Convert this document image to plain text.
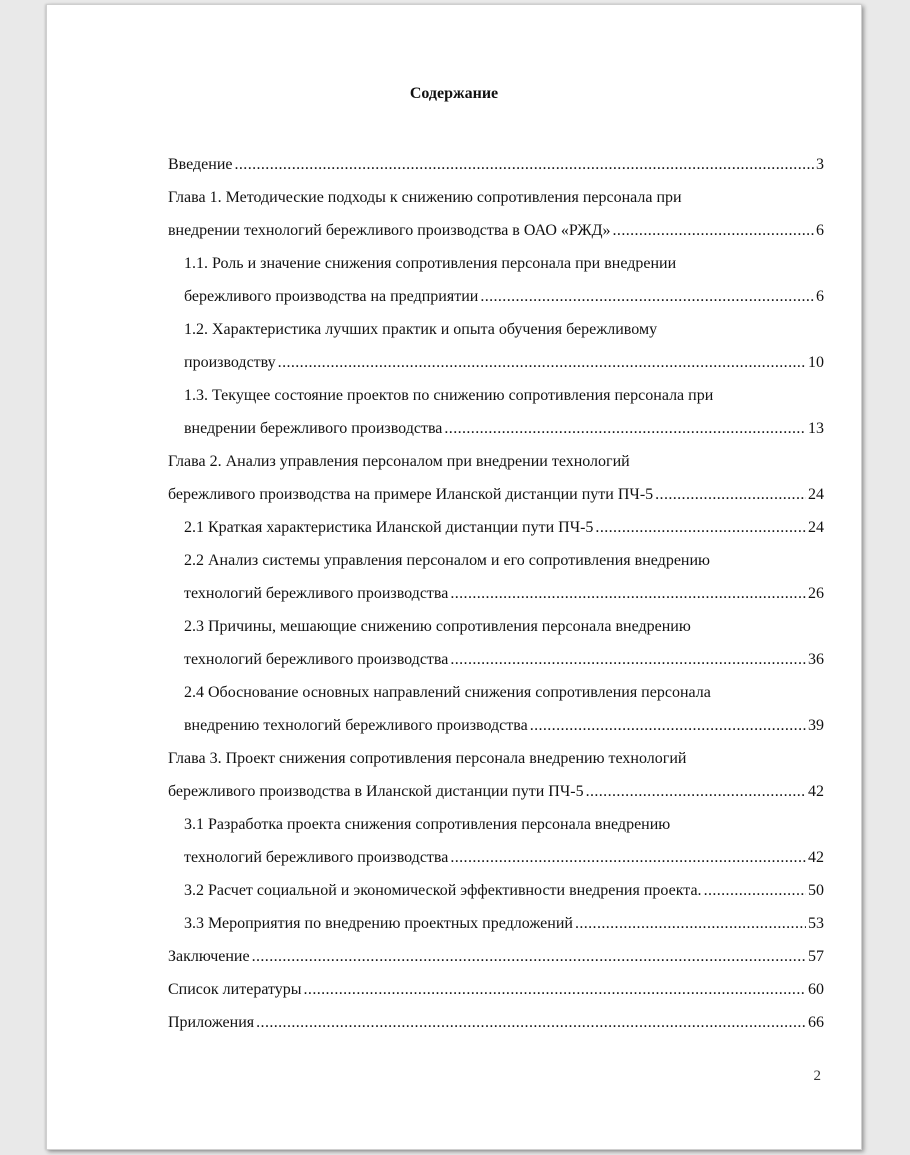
Содержание
Введение .....	3
Глава 1. Методические подходы к снижению сопротивления персонала при
внедрении технологий бережливого производства в ОАО «РЖД» .....	6
1.1. Роль и значение снижения сопротивления персонала при внедрении
бережливого производства на предприятии .....	6
1.2. Характеристика лучших практик и опыта обучения бережливому
производству .....	10
1.3. Текущее состояние проектов по снижению сопротивления персонала при
внедрении бережливого производства .....	13
Глава 2. Анализ управления персоналом при внедрении технологий
бережливого производства на примере Иланской дистанции пути ПЧ-5 .....	24
2.1 Краткая характеристика Иланской дистанции пути ПЧ-5 .....	24
2.2 Анализ системы управления персоналом и его сопротивления внедрению
технологий бережливого производства .....	26
2.3 Причины, мешающие снижению сопротивления персонала внедрению
технологий бережливого производства .....	36
2.4 Обоснование основных направлений снижения сопротивления персонала
внедрению технологий бережливого производства .....	39
Глава 3. Проект снижения сопротивления персонала внедрению технологий
бережливого производства в Иланской дистанции пути ПЧ-5 .....	42
3.1 Разработка проекта снижения сопротивления персонала внедрению
технологий бережливого производства .....	42
3.2 Расчет социальной и экономической эффективности внедрения проекта. .....	50
3.3 Мероприятия по внедрению проектных предложений .....	53
Заключение .....	57
Список литературы .....	60
Приложения .....	66
2
